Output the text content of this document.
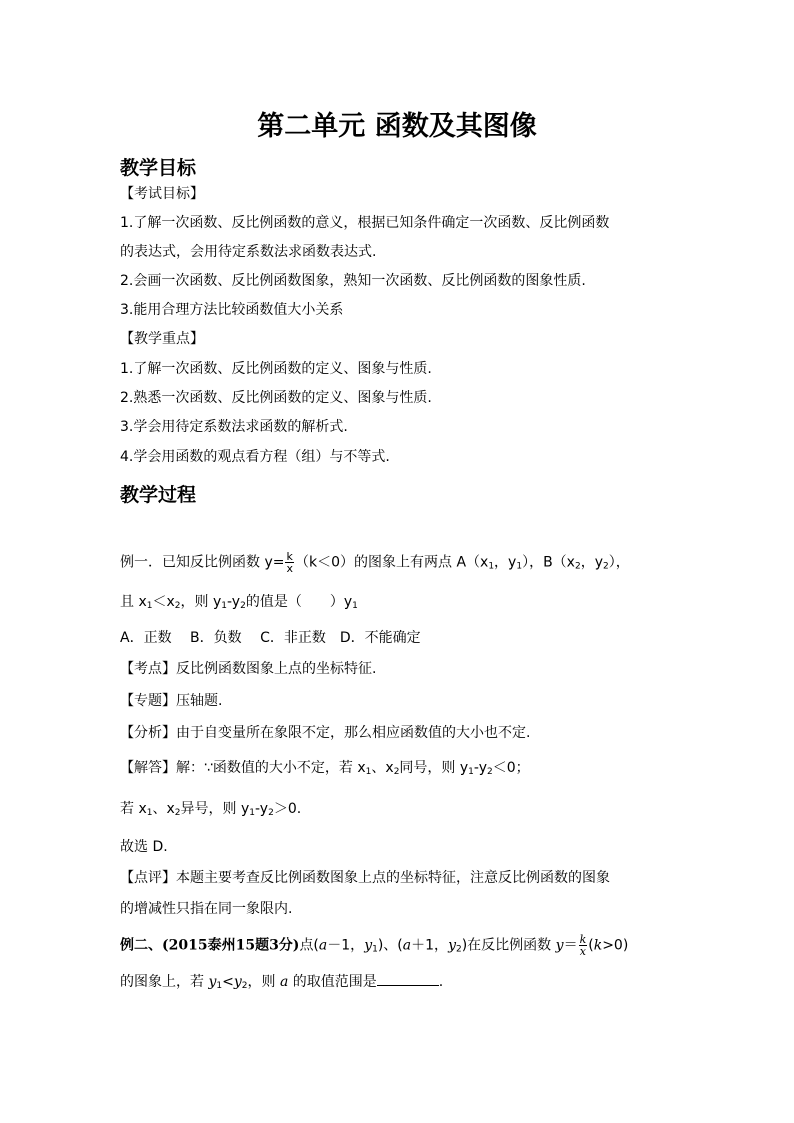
第二单元 函数及其图像
教学目标
【考试目标】
1.了解一次函数、反比例函数的意义，根据已知条件确定一次函数、反比例函数
的表达式，会用待定系数法求函数表达式.
2.会画一次函数、反比例函数图象，熟知一次函数、反比例函数的图象性质.
3.能用合理方法比较函数值大小关系
【教学重点】
1.了解一次函数、反比例函数的定义、图象与性质.
2.熟悉一次函数、反比例函数的定义、图象与性质.
3.学会用待定系数法求函数的解析式.
4.学会用函数的观点看方程（组）与不等式.
教学过程
例一．已知反比例函数 $y= \frac{k}{x} (k<0)$的图象上有两点 $A(x_1$，$y_1$），$B(x_2$，$y_2$），
且 $x_1<x_2$，则 $y_1-y_2$的值是（　　）$y_1$
A．正数　 B．负数　 C．非正数　D．不能确定
【考点】反比例函数图象上点的坐标特征.
【专题】压轴题.
【分析】由于自变量所在象限不定，那么相应函数值的大小也不定.
【解答】解：∵函数值的大小不定，若 $x_1$、$x_2$同号，则 $y_1-y_2<0$；
若 $x_1$、$x_2$异号，则 $y_1-y_2>0$.
故选 D.
【点评】本题主要考查反比例函数图象上点的坐标特征，注意反比例函数的图象
的增减性只指在同一象限内.
例二、(2015泰州15题3分)点(a－1，$y_1$)、(a＋1，$y_2$)在反比例函数 $y= \frac{k}{x} (k>0)$
的图象上，若 $y_1<y_2$，则 a 的取值范围是	.
